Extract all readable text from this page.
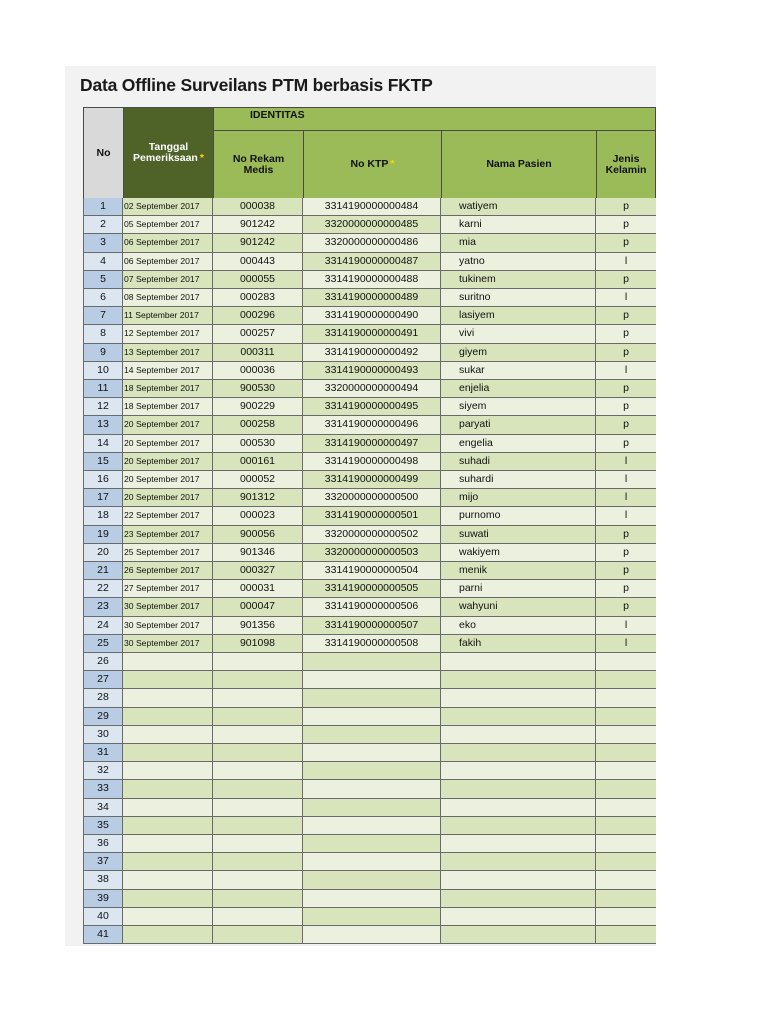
Data Offline Surveilans PTM berbasis FKTP
No	Tanggal Pemeriksaan *
IDENTITAS
No Rekam Medis	No KTP *	Nama Pasien	Jenis Kelamin
1	02 September 2017	000038	3314190000000484	watiyem	p
2	05 September 2017	901242	3320000000000485	karni	p
3	06 September 2017	901242	3320000000000486	mia	p
4	06 September 2017	000443	3314190000000487	yatno	l
5	07 September 2017	000055	3314190000000488	tukinem	p
6	08 September 2017	000283	3314190000000489	suritno	l
7	11 September 2017	000296	3314190000000490	lasiyem	p
8	12 September 2017	000257	3314190000000491	vivi	p
9	13 September 2017	000311	3314190000000492	giyem	p
10	14 September 2017	000036	3314190000000493	sukar	l
11	18 September 2017	900530	3320000000000494	enjelia	p
12	18 September 2017	900229	3314190000000495	siyem	p
13	20 September 2017	000258	3314190000000496	paryati	p
14	20 September 2017	000530	3314190000000497	engelia	p
15	20 September 2017	000161	3314190000000498	suhadi	l
16	20 September 2017	000052	3314190000000499	suhardi	l
17	20 September 2017	901312	3320000000000500	mijo	l
18	22 September 2017	000023	3314190000000501	purnomo	l
19	23 September 2017	900056	3320000000000502	suwati	p
20	25 September 2017	901346	3320000000000503	wakiyem	p
21	26 September 2017	000327	3314190000000504	menik	p
22	27 September 2017	000031	3314190000000505	parni	p
23	30 September 2017	000047	3314190000000506	wahyuni	p
24	30 September 2017	901356	3314190000000507	eko	l
25	30 September 2017	901098	3314190000000508	fakih	l
26
27
28
29
30
31
32
33
34
35
36
37
38
39
40
41
